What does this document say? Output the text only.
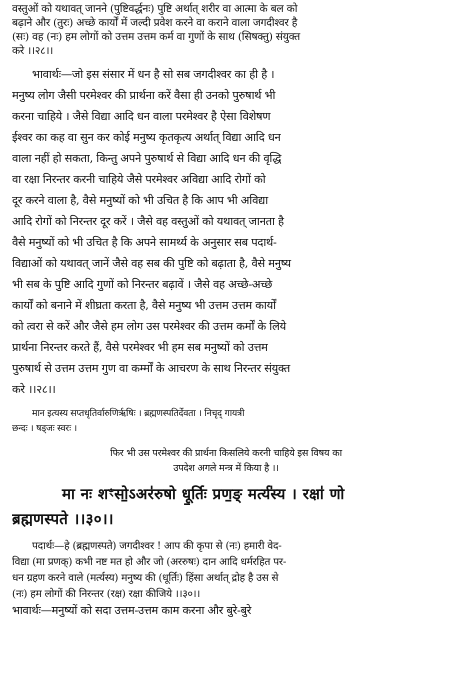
वस्तुओं को यथावत् जानने (पुष्टिवर्द्धनः) पुष्टि अर्थात् शरीर वा आत्मा के बल को
बढ़ाने और (तुरः) अच्छे कार्यों में जल्दी प्रवेश करने वा कराने वाला जगदीश्वर है
(सः) वह (नः) हम लोगों को उत्तम उत्तम कर्म वा गुणों के साथ (सिषक्तु) संयुक्त
करे ।।२८।।
भावार्थः—जो इस संसार में धन है सो सब जगदीश्वर का ही है ।
मनुष्य लोग जैसी परमेश्वर की प्रार्थना करें वैसा ही उनको पुरुषार्थ भी
करना चाहिये । जैसे विद्या आदि धन वाला परमेश्वर है ऐसा विशेषण
ईश्वर का कह वा सुन कर कोई मनुष्य कृतकृत्य अर्थात् विद्या आदि धन
वाला नहीं हो सकता, किन्तु अपने पुरुषार्थ से विद्या आदि धन की वृद्धि
वा रक्षा निरन्तर करनी चाहिये जैसे परमेश्वर अविद्या आदि रोगों को
दूर करने वाला है, वैसे मनुष्यों को भी उचित है कि आप भी अविद्या
आदि रोगों को निरन्तर दूर करें । जैसे वह वस्तुओं को यथावत् जानता है
वैसे मनुष्यों को भी उचित है कि अपने सामर्थ्य के अनुसार सब पदार्थ-
विद्याओं को यथावत् जानें जैसे वह सब की पुष्टि को बढ़ाता है, वैसे मनुष्य
भी सब के पुष्टि आदि गुणों को निरन्तर बढ़ावें । जैसे वह अच्छे-अच्छे
कार्यों को बनाने में शीघ्रता करता है, वैसे मनुष्य भी उत्तम उत्तम कार्यों
को त्वरा से करें और जैसे हम लोग उस परमेश्वर की उत्तम कर्मों के लिये
प्रार्थना निरन्तर करते हैं, वैसे परमेश्वर भी हम सब मनुष्यों को उत्तम
पुरुषार्थ से उत्तम उत्तम गुण वा कर्म्मों के आचरण के साथ निरन्तर संयुक्त
करे ।।२८।।
मान इत्यस्य सप्तधृतिर्वारुणिर्ऋषिः । ब्रह्मणस्पतिर्देवता । निचृद् गायत्री
छन्दः । षड्जः स्वरः ।
फिर भी उस परमेश्वर की प्रार्थना किसलिये करनी चाहिये इस विषय का
उपदेश अगले मन्त्र में किया है ।।
मा नः शꣳसो॒ऽअर॑रुषो धू॒र्तिः प्रण॒ङ् मर्त्य॑स्य । रक्षा॑ णो
ब्रह्मणस्पते ।।३०।।
पदार्थः—हे (ब्रह्मणस्पते) जगदीश्वर ! आप की कृपा से (नः) हमारी वेद-
विद्या (मा प्रणक्) कभी नष्ट मत हो और जो (अररुषः) दान आदि धर्मरहित पर-
धन ग्रहण करने वाले (मर्त्यस्य) मनुष्य की (धूर्तिः) हिंसा अर्थात् द्रोह है उस से
(नः) हम लोगों की निरन्तर (रक्ष) रक्षा कीजिये ।।३०।।
भावार्थः—मनुष्यों को सदा उत्तम-उत्तम काम करना और बुरे-बुरे
